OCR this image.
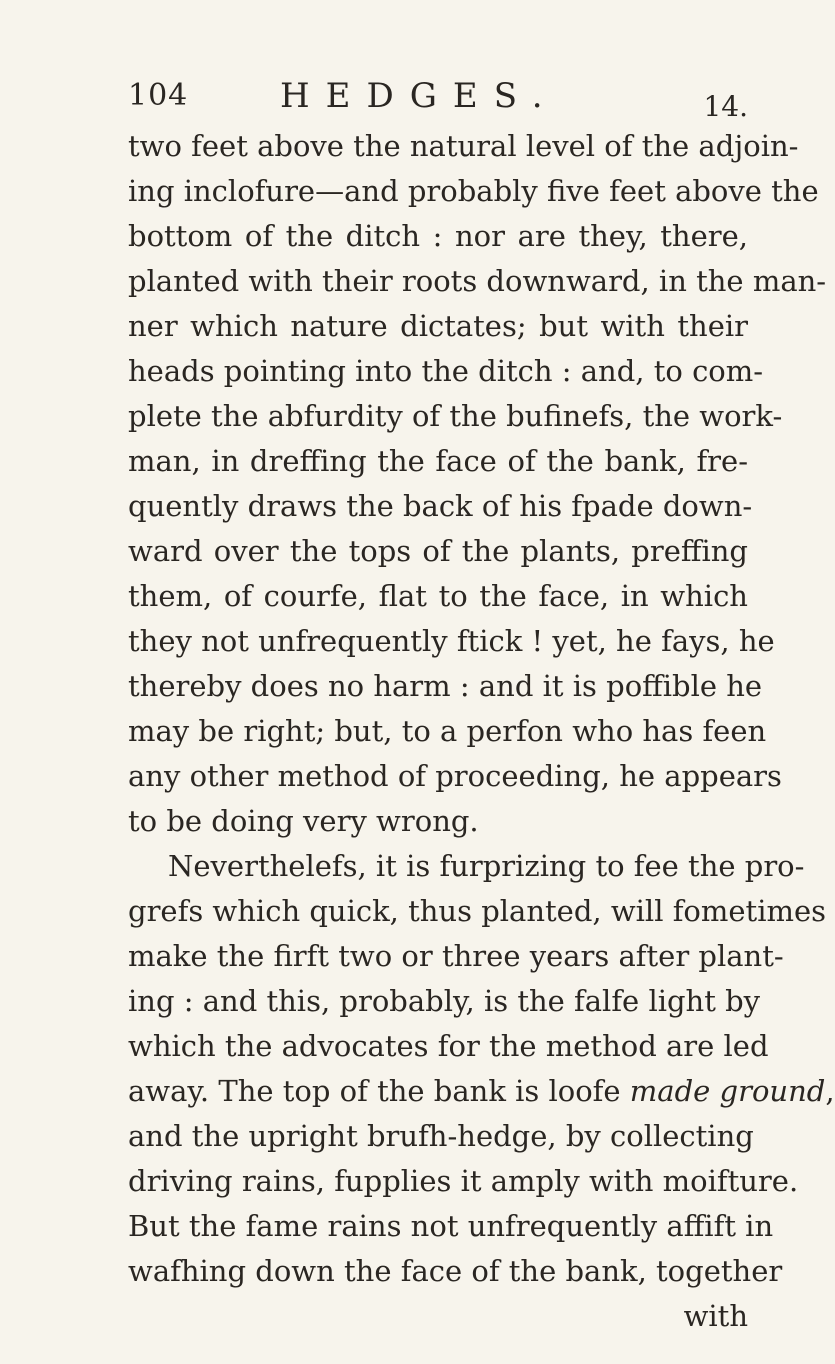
104	HEDGES.	14.
two feet above the natural level of the adjoin-
ing inclofure—and probably five feet above the
bottom of the ditch : nor are they, there,
planted with their roots downward, in the man-
ner which nature dictates; but with their
heads pointing into the ditch : and, to com-
plete the abfurdity of the bufinefs, the work-
man, in dreffing the face of the bank, fre-
quently draws the back of his fpade down-
ward over the tops of the plants, preffing
them, of courfe, flat to the face, in which
they not unfrequently ftick ! yet, he fays, he
thereby does no harm : and it is poffible he
may be right; but, to a perfon who has feen
any other method of proceeding, he appears
to be doing very wrong.
Neverthelefs, it is furprizing to fee the pro-
grefs which quick, thus planted, will fometimes
make the firft two or three years after plant-
ing : and this, probably, is the falfe light by
which the advocates for the method are led
away. The top of the bank is loofe made ground,
and the upright brufh-hedge, by collecting
driving rains, fupplies it amply with moifture.
But the fame rains not unfrequently affift in
wafhing down the face of the bank, together
with
